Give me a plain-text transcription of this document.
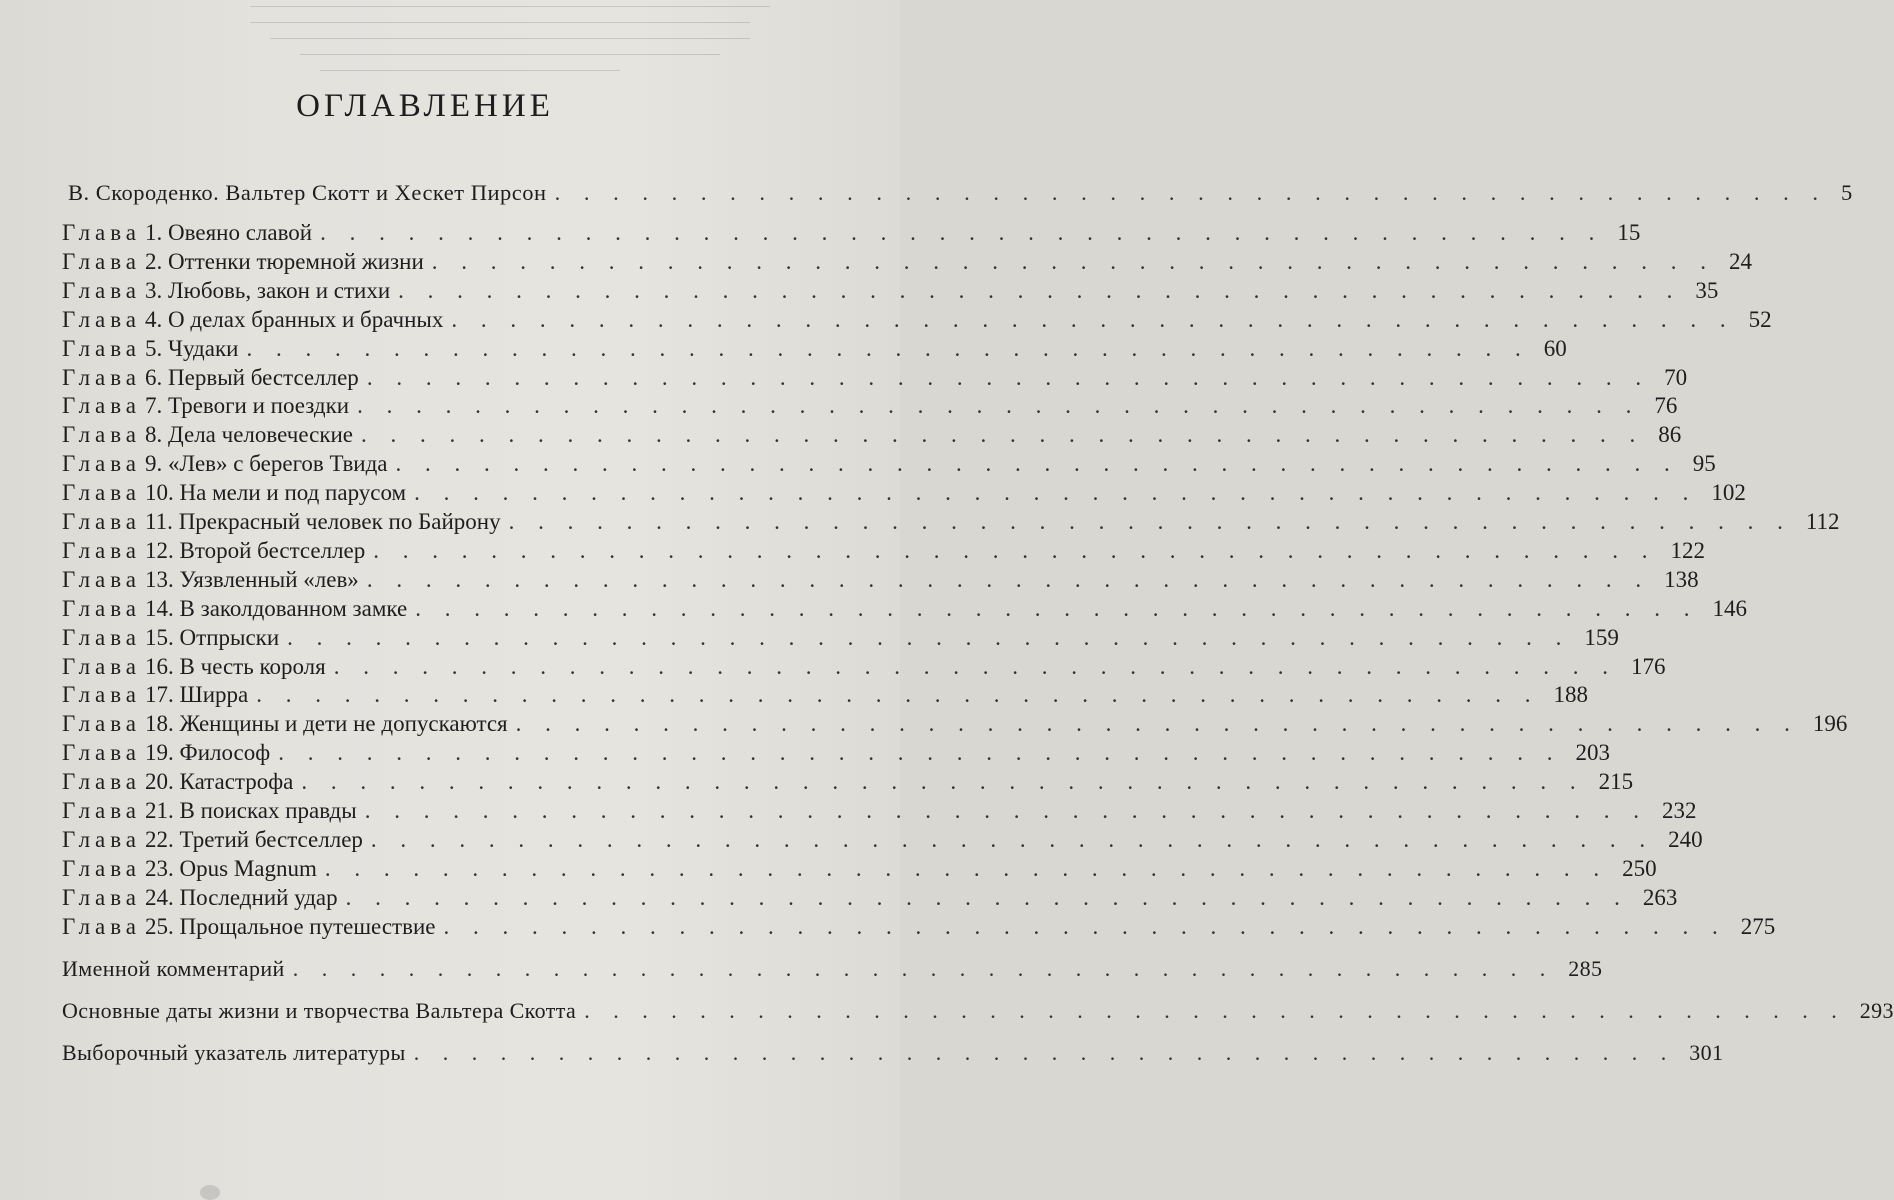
ОГЛАВЛЕНИЕ
В. Скороденко. Вальтер Скотт и Хескет Пирсон . . . . . . . . . . . . . . . . . . . . . . . . . . . . . . . . . . . . . . . . . . . . 5
Глава 1. Овеяно славой . . . . . . . . . . . . . . . . . . . . . . . . . . . . . . . . . . . . . . . . . . . . 15
Глава 2. Оттенки тюремной жизни . . . . . . . . . . . . . . . . . . . . . . . . . . . . . . . . . . . . . . . . . . . . 24
Глава 3. Любовь, закон и стихи . . . . . . . . . . . . . . . . . . . . . . . . . . . . . . . . . . . . . . . . . . . . 35
Глава 4. О делах бранных и брачных . . . . . . . . . . . . . . . . . . . . . . . . . . . . . . . . . . . . . . . . . . . . 52
Глава 5. Чудаки . . . . . . . . . . . . . . . . . . . . . . . . . . . . . . . . . . . . . . . . . . . . 60
Глава 6. Первый бестселлер . . . . . . . . . . . . . . . . . . . . . . . . . . . . . . . . . . . . . . . . . . . . 70
Глава 7. Тревоги и поездки . . . . . . . . . . . . . . . . . . . . . . . . . . . . . . . . . . . . . . . . . . . . 76
Глава 8. Дела человеческие . . . . . . . . . . . . . . . . . . . . . . . . . . . . . . . . . . . . . . . . . . . . 86
Глава 9. «Лев» с берегов Твида . . . . . . . . . . . . . . . . . . . . . . . . . . . . . . . . . . . . . . . . . . . . 95
Глава 10. На мели и под парусом . . . . . . . . . . . . . . . . . . . . . . . . . . . . . . . . . . . . . . . . . . . . 102
Глава 11. Прекрасный человек по Байрону . . . . . . . . . . . . . . . . . . . . . . . . . . . . . . . . . . . . . . . . . . . . 112
Глава 12. Второй бестселлер . . . . . . . . . . . . . . . . . . . . . . . . . . . . . . . . . . . . . . . . . . . . 122
Глава 13. Уязвленный «лев» . . . . . . . . . . . . . . . . . . . . . . . . . . . . . . . . . . . . . . . . . . . . 138
Глава 14. В заколдованном замке . . . . . . . . . . . . . . . . . . . . . . . . . . . . . . . . . . . . . . . . . . . . 146
Глава 15. Отпрыски . . . . . . . . . . . . . . . . . . . . . . . . . . . . . . . . . . . . . . . . . . . . 159
Глава 16. В честь короля . . . . . . . . . . . . . . . . . . . . . . . . . . . . . . . . . . . . . . . . . . . . 176
Глава 17. Ширра . . . . . . . . . . . . . . . . . . . . . . . . . . . . . . . . . . . . . . . . . . . . 188
Глава 18. Женщины и дети не допускаются . . . . . . . . . . . . . . . . . . . . . . . . . . . . . . . . . . . . . . . . . . . . 196
Глава 19. Философ . . . . . . . . . . . . . . . . . . . . . . . . . . . . . . . . . . . . . . . . . . . . 203
Глава 20. Катастрофа . . . . . . . . . . . . . . . . . . . . . . . . . . . . . . . . . . . . . . . . . . . . 215
Глава 21. В поисках правды . . . . . . . . . . . . . . . . . . . . . . . . . . . . . . . . . . . . . . . . . . . . 232
Глава 22. Третий бестселлер . . . . . . . . . . . . . . . . . . . . . . . . . . . . . . . . . . . . . . . . . . . . 240
Глава 23. Opus Magnum . . . . . . . . . . . . . . . . . . . . . . . . . . . . . . . . . . . . . . . . . . . . 250
Глава 24. Последний удар . . . . . . . . . . . . . . . . . . . . . . . . . . . . . . . . . . . . . . . . . . . . 263
Глава 25. Прощальное путешествие . . . . . . . . . . . . . . . . . . . . . . . . . . . . . . . . . . . . . . . . . . . . 275
Именной комментарий . . . . . . . . . . . . . . . . . . . . . . . . . . . . . . . . . . . . . . . . . . . . 285
Основные даты жизни и творчества Вальтера Скотта . . . . . . . . . . . . . . . . . . . . . . . . . . . . . . . . . . . . . . . . . . . . 293
Выборочный указатель литературы . . . . . . . . . . . . . . . . . . . . . . . . . . . . . . . . . . . . . . . . . . . . 301
